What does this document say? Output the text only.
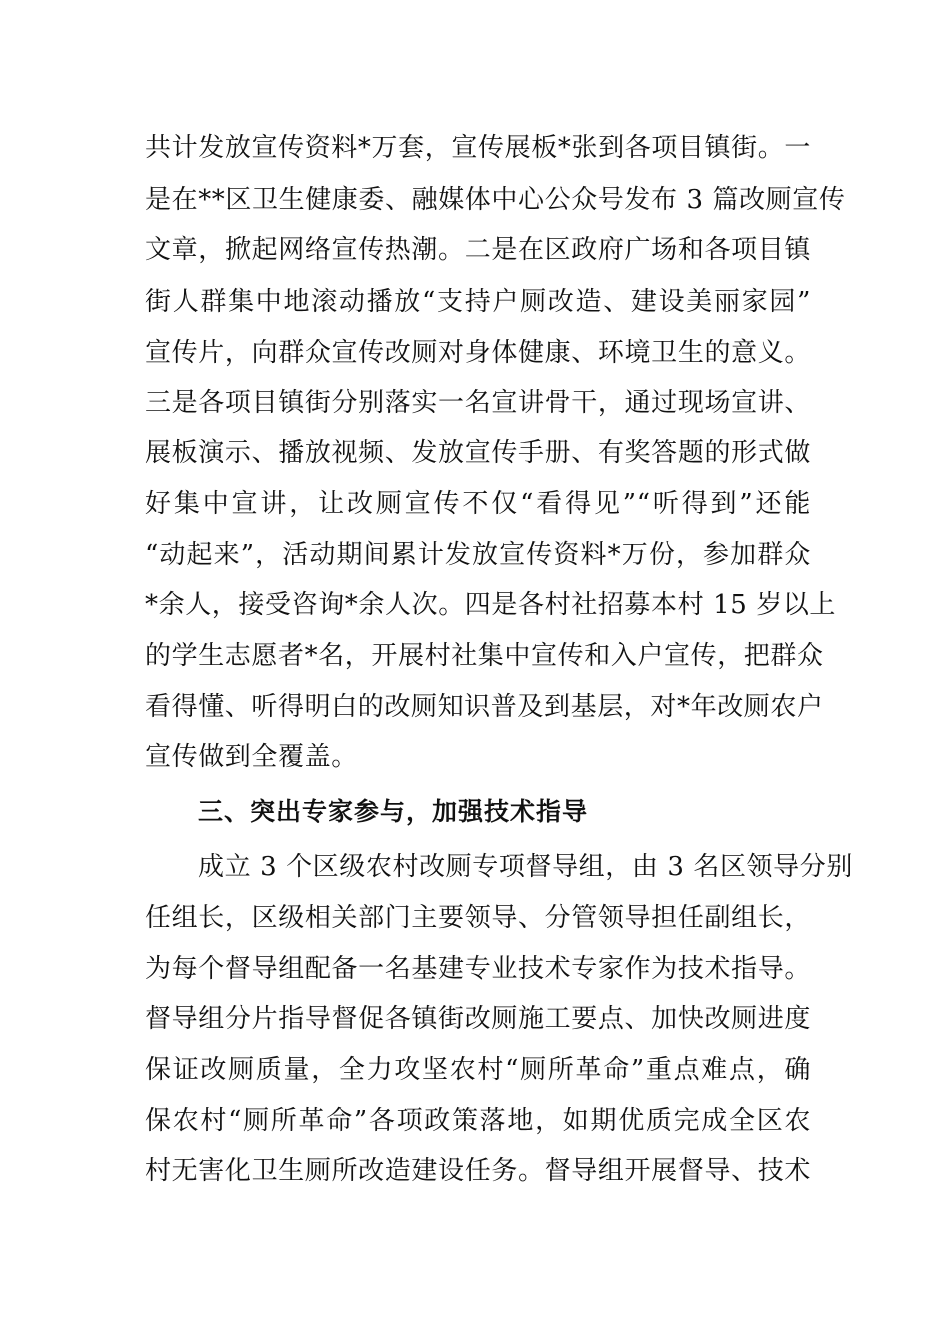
共计发放宣传资料*万套，宣传展板*张到各项目镇街。一
是在**区卫生健康委、融媒体中心公众号发布 3 篇改厕宣传
文章，掀起网络宣传热潮。二是在区政府广场和各项目镇
街人群集中地滚动播放“支持户厕改造、建设美丽家园”
宣传片，向群众宣传改厕对身体健康、环境卫生的意义。
三是各项目镇街分别落实一名宣讲骨干，通过现场宣讲、
展板演示、播放视频、发放宣传手册、有奖答题的形式做
好集中宣讲，让改厕宣传不仅“看得见”“听得到”还能
“动起来”，活动期间累计发放宣传资料*万份，参加群众
*余人，接受咨询*余人次。四是各村社招募本村 15 岁以上
的学生志愿者*名，开展村社集中宣传和入户宣传，把群众
看得懂、听得明白的改厕知识普及到基层，对*年改厕农户
宣传做到全覆盖。
三、突出专家参与，加强技术指导
成立 3 个区级农村改厕专项督导组，由 3 名区领导分别
任组长，区级相关部门主要领导、分管领导担任副组长，
为每个督导组配备一名基建专业技术专家作为技术指导。
督导组分片指导督促各镇街改厕施工要点、加快改厕进度
保证改厕质量，全力攻坚农村“厕所革命”重点难点，确
保农村“厕所革命”各项政策落地，如期优质完成全区农
村无害化卫生厕所改造建设任务。督导组开展督导、技术
